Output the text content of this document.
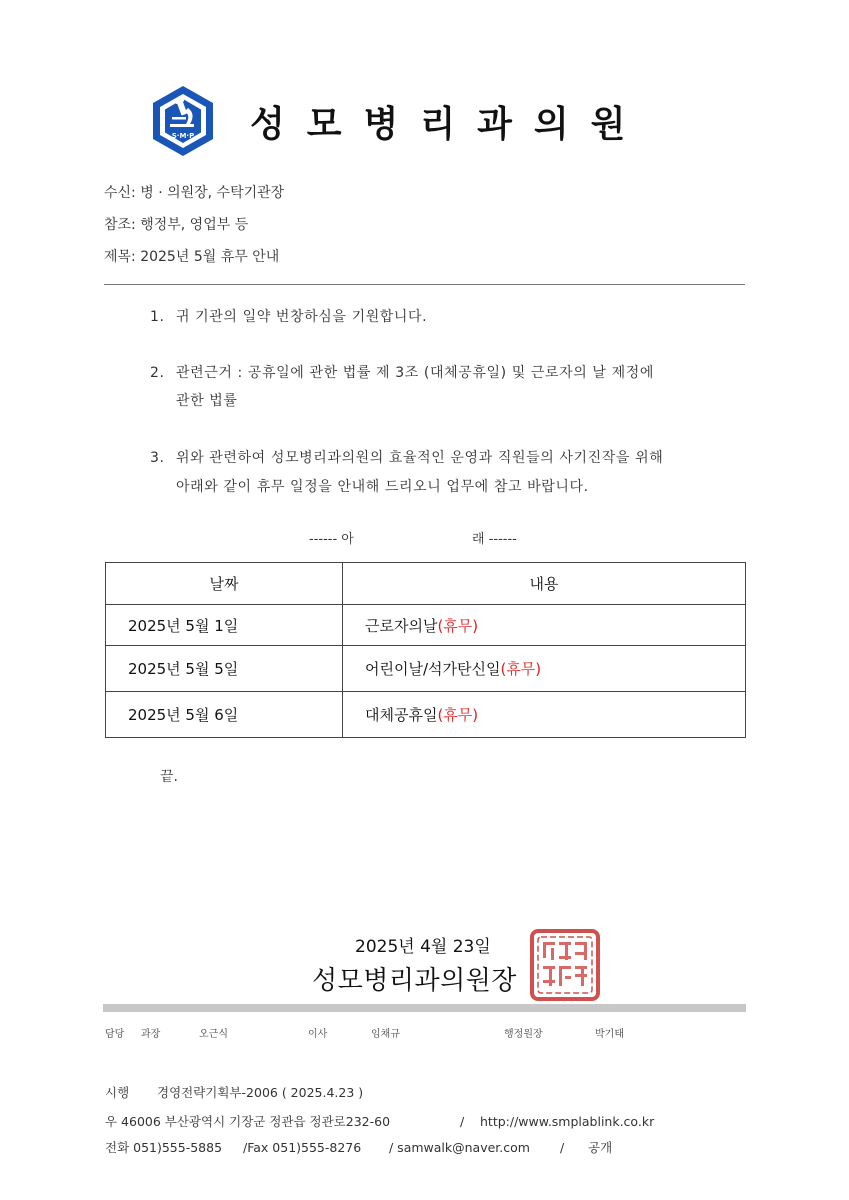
S·M·P 성모병리과의원
수신: 병 · 의원장, 수탁기관장
참조: 행정부, 영업부 등
제목: 2025년 5월 휴무 안내
1. 귀 기관의 일약 번창하심을 기원합니다.
2. 관련근거 : 공휴일에 관한 법률 제 3조 (대체공휴일) 및 근로자의 날 제정에
관한 법률
3. 위와 관련하여 성모병리과의원의 효율적인 운영과 직원들의 사기진작을 위해
아래와 같이 휴무 일정을 안내해 드리오니 업무에 참고 바랍니다.
------ 아	래 ------
날짜	내용
2025년 5월 1일	근로자의날(휴무)
2025년 5월 5일	어린이날/석가탄신일(휴무)
2025년 5월 6일	대체공휴일(휴무)
끝.
2025년 4월 23일
성모병리과의원장
담당 과장	오근식	이사	임채규	행정원장	박기태
시행 경영전략기획부-2006 ( 2025.4.23 )
우 46006 부산광역시 기장군 정관읍 정관로232-60	/ http://www.smplablink.co.kr
전화 051)555-5885 /Fax 051)555-8276 / samwalk@naver.com / 공개
